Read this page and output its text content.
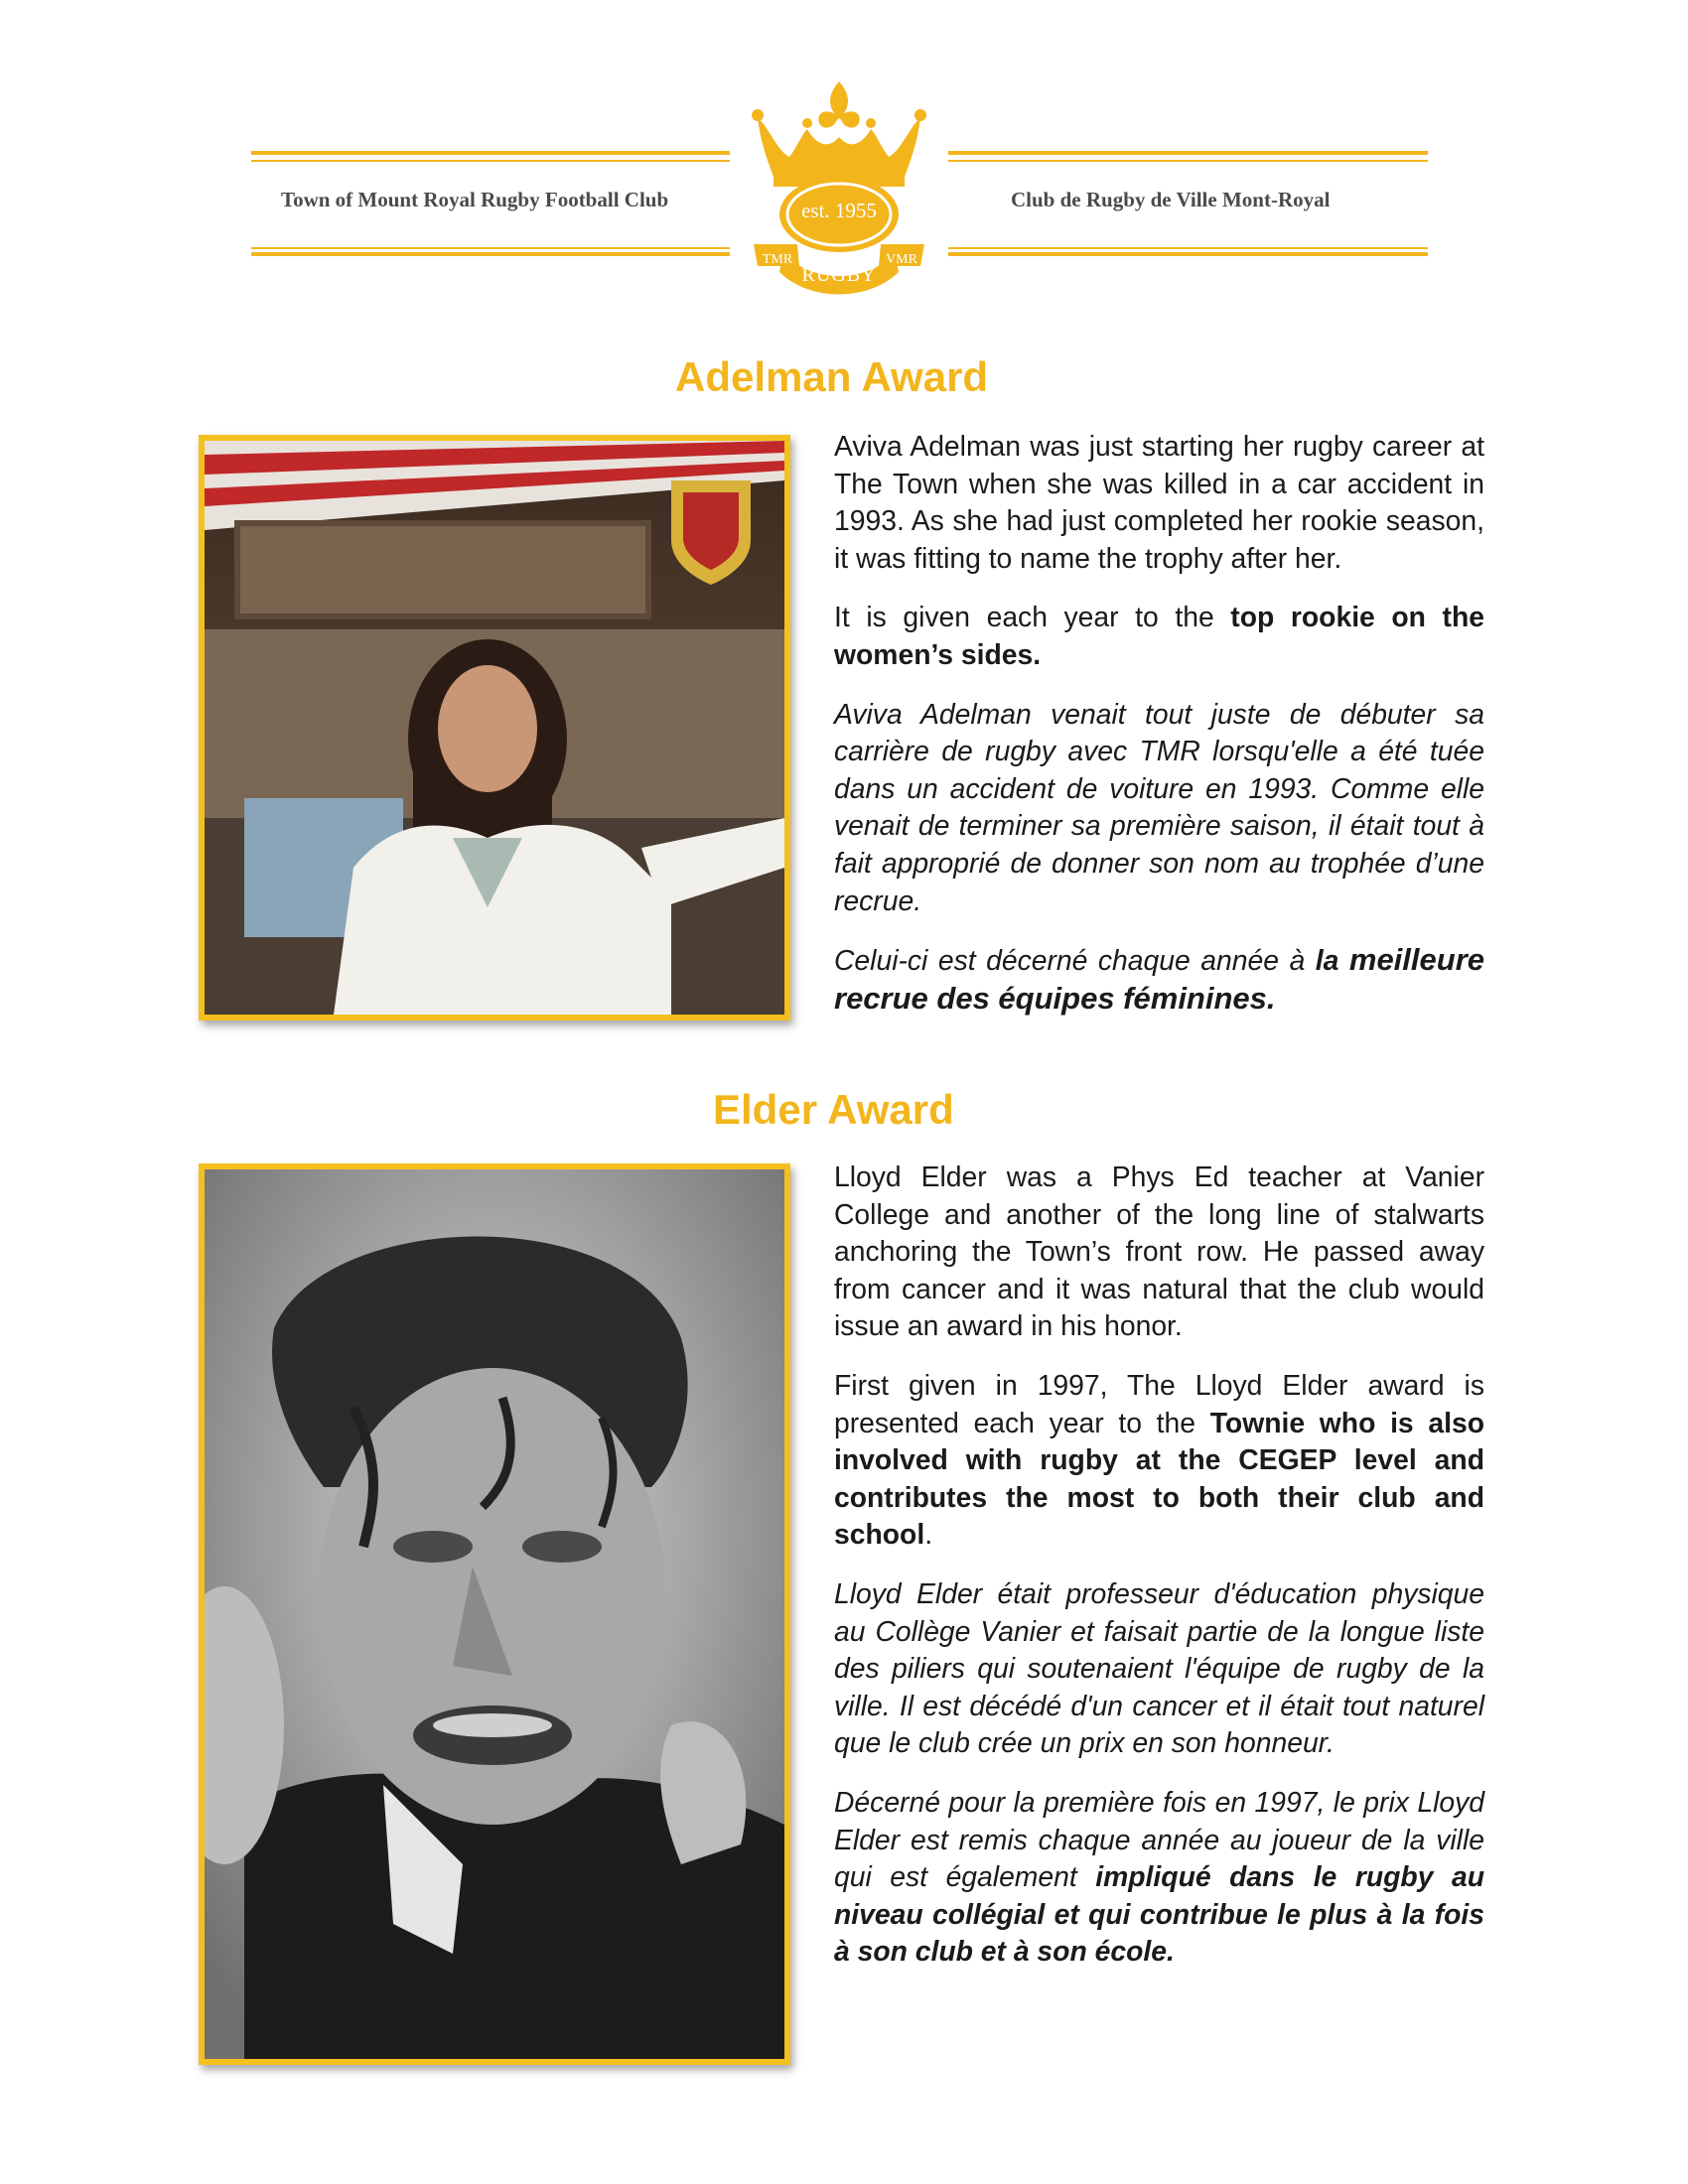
Town of Mount Royal Rugby Football Club	Club de Rugby de Ville Mont-Royal
est. 1955
TMR	VMR
RUGBY
Adelman Award

Aviva Adelman was just starting her rugby career at The Town when she was killed in a car accident in 1993. As she had just completed her rookie season, it was fitting to name the trophy after her.

It is given each year to the top rookie on the women’s sides.

Aviva Adelman venait tout juste de débuter sa carrière de rugby avec TMR lorsqu'elle a été tuée dans un accident de voiture en 1993. Comme elle venait de terminer sa première saison, il était tout à fait approprié de donner son nom au trophée d’une recrue.

Celui-ci est décerné chaque année à la meilleure recrue des équipes féminines.

Elder Award

Lloyd Elder was a Phys Ed teacher at Vanier College and another of the long line of stalwarts anchoring the Town’s front row. He passed away from cancer and it was natural that the club would issue an award in his honor.

First given in 1997, The Lloyd Elder award is presented each year to the Townie who is also involved with rugby at the CEGEP level and contributes the most to both their club and school.

Lloyd Elder était professeur d'éducation physique au Collège Vanier et faisait partie de la longue liste des piliers qui soutenaient l'équipe de rugby de la ville. Il est décédé d'un cancer et il était tout naturel que le club crée un prix en son honneur.

Décerné pour la première fois en 1997, le prix Lloyd Elder est remis chaque année au joueur de la ville qui est également impliqué dans le rugby au niveau collégial et qui contribue le plus à la fois à son club et à son école.
